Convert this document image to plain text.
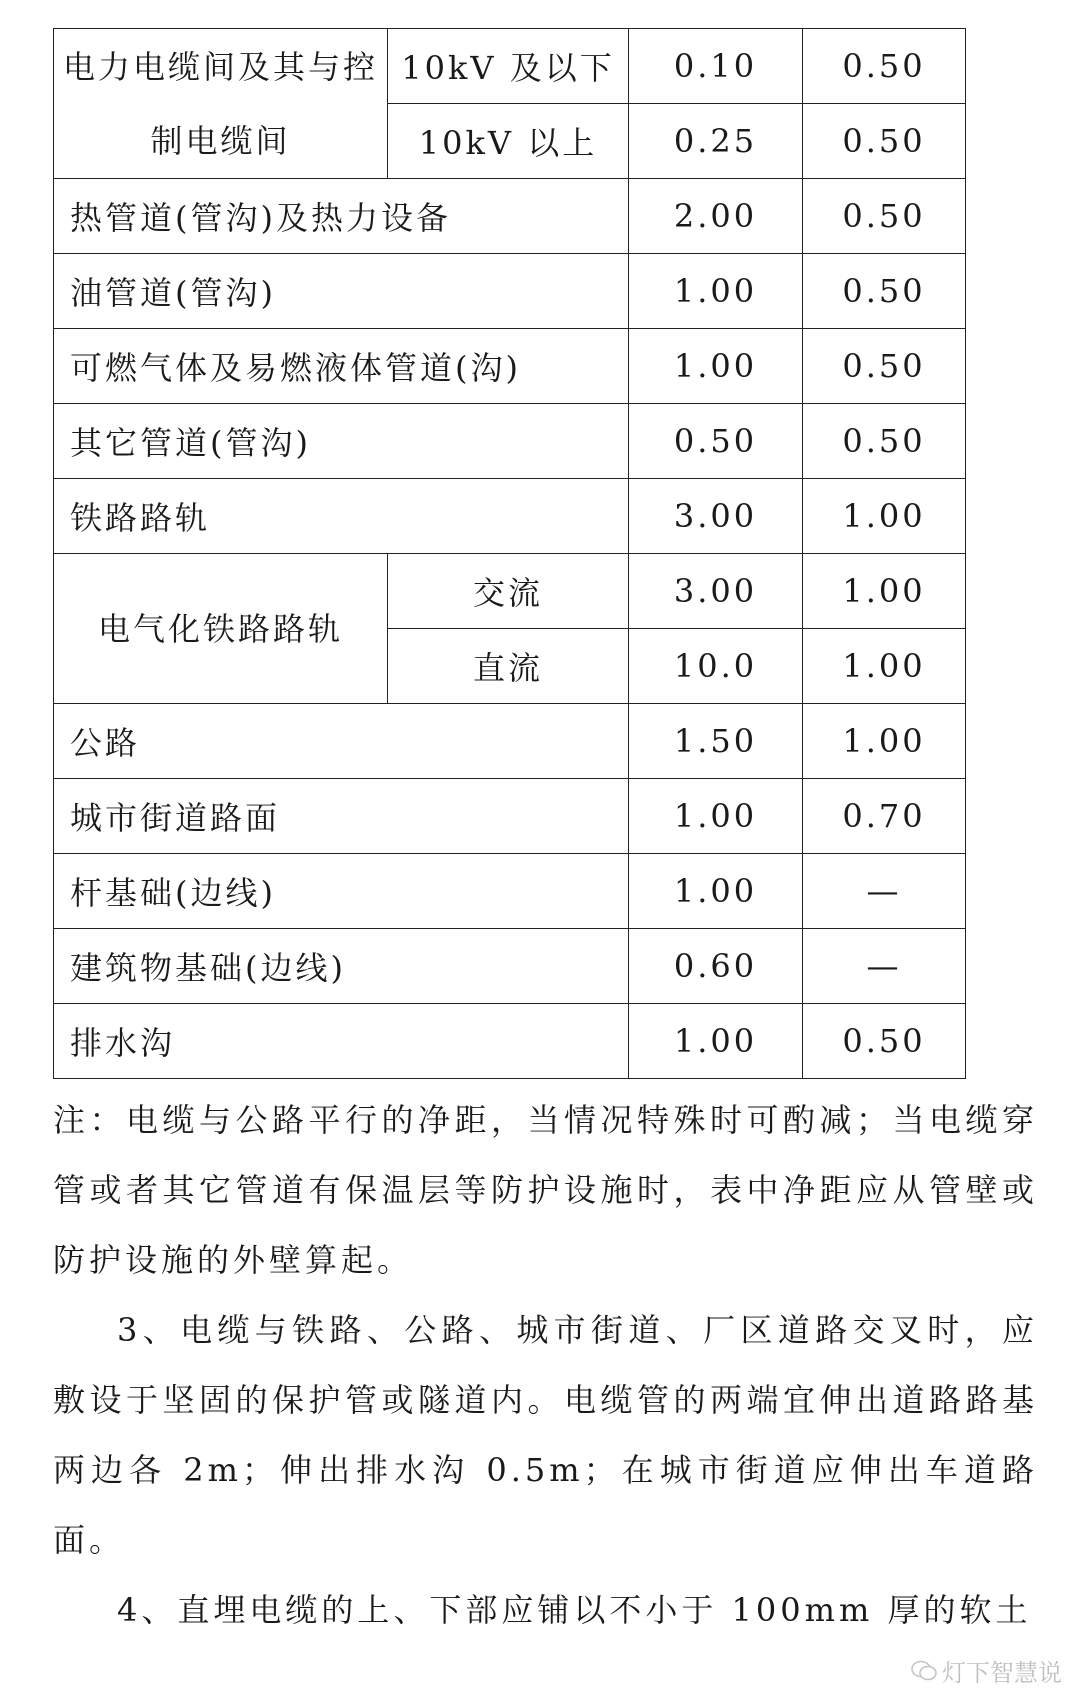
电力电缆间及其与控制电缆间	10kV 及以下	0.10	0.50
	10kV 以上	0.25	0.50
热管道(管沟)及热力设备		2.00	0.50
油管道(管沟)		1.00	0.50
可燃气体及易燃液体管道(沟)		1.00	0.50
其它管道(管沟)		0.50	0.50
铁路路轨		3.00	1.00
电气化铁路路轨	交流	3.00	1.00
	直流	10.0	1.00
公路		1.50	1.00
城市街道路面		1.00	0.70
杆基础(边线)		1.00	—
建筑物基础(边线)		0.60	—
排水沟		1.00	0.50

注：电缆与公路平行的净距，当情况特殊时可酌减；当电缆穿管或者其它管道有保温层等防护设施时，表中净距应从管壁或防护设施的外壁算起。

3、电缆与铁路、公路、城市街道、厂区道路交叉时，应敷设于坚固的保护管或隧道内。电缆管的两端宜伸出道路路基两边各 2m；伸出排水沟 0.5m；在城市街道应伸出车道路面。

4、直埋电缆的上、下部应铺以不小于 100mm 厚的软土

灯下智慧说
